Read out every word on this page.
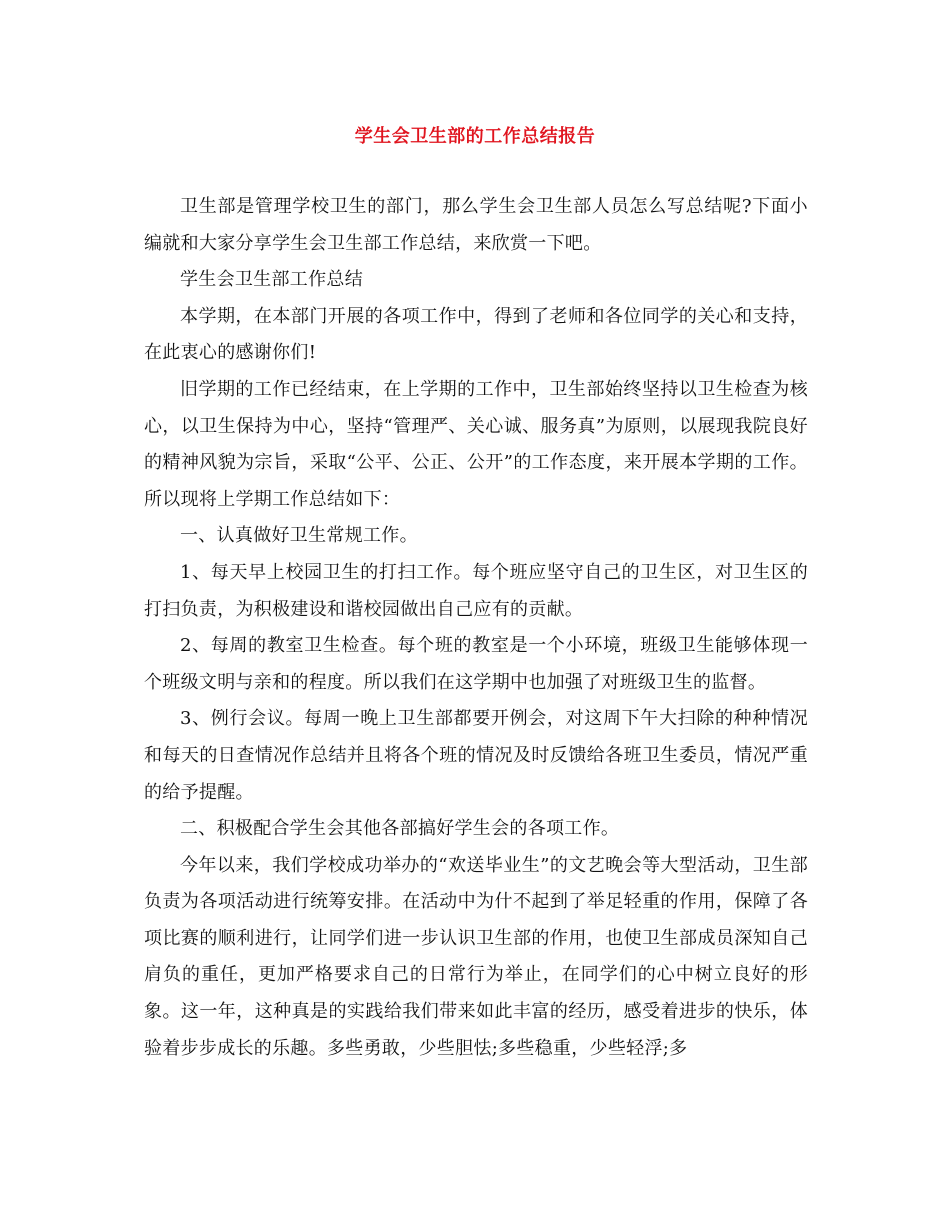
学生会卫生部的工作总结报告

卫生部是管理学校卫生的部门，那么学生会卫生部人员怎么写总结呢?下面小编就和大家分享学生会卫生部工作总结，来欣赏一下吧。

学生会卫生部工作总结

本学期，在本部门开展的各项工作中，得到了老师和各位同学的关心和支持，在此衷心的感谢你们!

旧学期的工作已经结束，在上学期的工作中，卫生部始终坚持以卫生检查为核心，以卫生保持为中心，坚持“管理严、关心诚、服务真”为原则，以展现我院良好的精神风貌为宗旨，采取“公平、公正、公开”的工作态度，来开展本学期的工作。所以现将上学期工作总结如下：

一、认真做好卫生常规工作。

1、每天早上校园卫生的打扫工作。每个班应坚守自己的卫生区，对卫生区的打扫负责，为积极建设和谐校园做出自己应有的贡献。

2、每周的教室卫生检查。每个班的教室是一个小环境，班级卫生能够体现一个班级文明与亲和的程度。所以我们在这学期中也加强了对班级卫生的监督。

3、例行会议。每周一晚上卫生部都要开例会，对这周下午大扫除的种种情况和每天的日查情况作总结并且将各个班的情况及时反馈给各班卫生委员，情况严重的给予提醒。

二、积极配合学生会其他各部搞好学生会的各项工作。

今年以来，我们学校成功举办的“欢送毕业生”的文艺晚会等大型活动，卫生部负责为各项活动进行统筹安排。在活动中为什不起到了举足轻重的作用，保障了各项比赛的顺利进行，让同学们进一步认识卫生部的作用，也使卫生部成员深知自己肩负的重任，更加严格要求自己的日常行为举止，在同学们的心中树立良好的形象。这一年，这种真是的实践给我们带来如此丰富的经历，感受着进步的快乐，体验着步步成长的乐趣。多些勇敢，少些胆怯;多些稳重，少些轻浮;多
